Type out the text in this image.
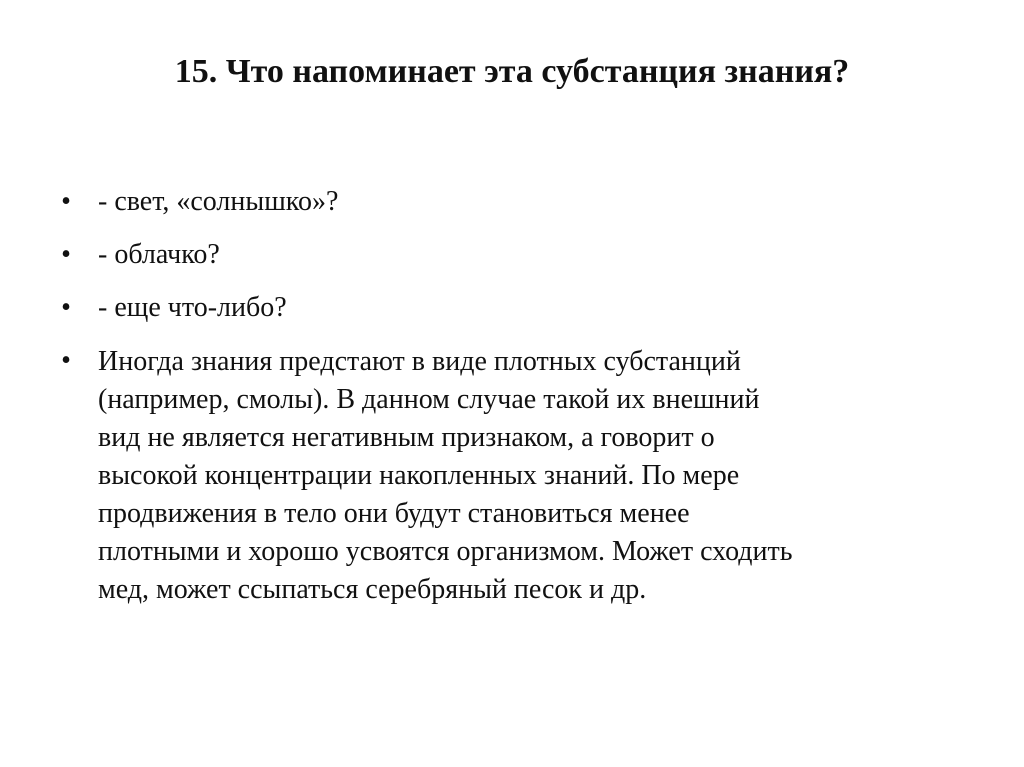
15. Что напоминает эта субстанция знания?
• - свет, «солнышко»?
• - облачко?
• - еще что-либо?
• Иногда знания предстают в виде плотных субстанций
(например, смолы). В данном случае такой их внешний
вид не является негативным признаком, а говорит о
высокой концентрации накопленных знаний. По мере
продвижения в тело они будут становиться менее
плотными и хорошо усвоятся организмом. Может сходить
мед, может ссыпаться серебряный песок и др.
